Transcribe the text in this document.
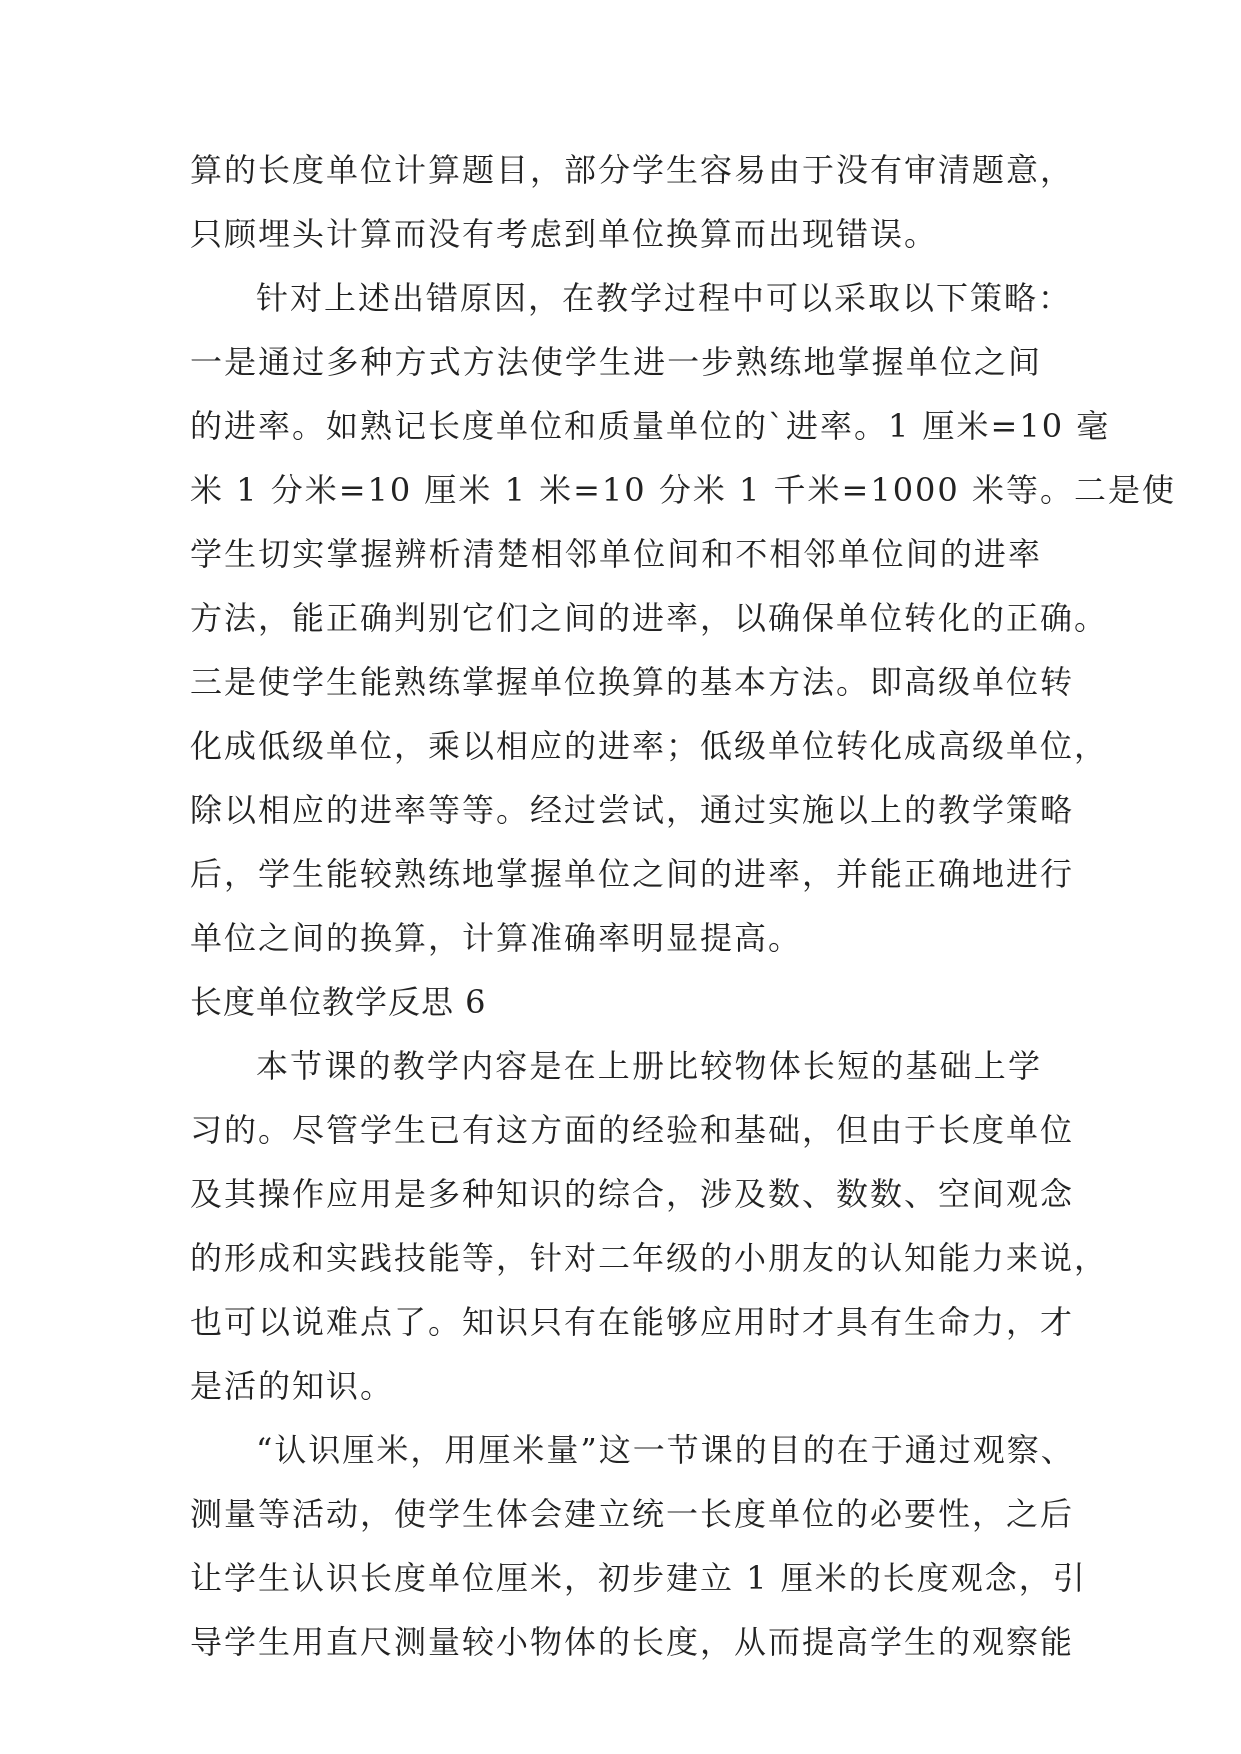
算的长度单位计算题目，部分学生容易由于没有审清题意，
只顾埋头计算而没有考虑到单位换算而出现错误。
针对上述出错原因，在教学过程中可以采取以下策略：
一是通过多种方式方法使学生进一步熟练地掌握单位之间
的进率。如熟记长度单位和质量单位的`进率。1 厘米=10 毫
米 1 分米=10 厘米 1 米=10 分米 1 千米=1000 米等。二是使
学生切实掌握辨析清楚相邻单位间和不相邻单位间的进率
方法，能正确判别它们之间的进率，以确保单位转化的正确。
三是使学生能熟练掌握单位换算的基本方法。即高级单位转
化成低级单位，乘以相应的进率；低级单位转化成高级单位，
除以相应的进率等等。经过尝试，通过实施以上的教学策略
后，学生能较熟练地掌握单位之间的进率，并能正确地进行
单位之间的换算，计算准确率明显提高。
长度单位教学反思 6
本节课的教学内容是在上册比较物体长短的基础上学
习的。尽管学生已有这方面的经验和基础，但由于长度单位
及其操作应用是多种知识的综合，涉及数、数数、空间观念
的形成和实践技能等，针对二年级的小朋友的认知能力来说，
也可以说难点了。知识只有在能够应用时才具有生命力，才
是活的知识。
“认识厘米，用厘米量”这一节课的目的在于通过观察、
测量等活动，使学生体会建立统一长度单位的必要性，之后
让学生认识长度单位厘米，初步建立 1 厘米的长度观念，引
导学生用直尺测量较小物体的长度，从而提高学生的观察能
